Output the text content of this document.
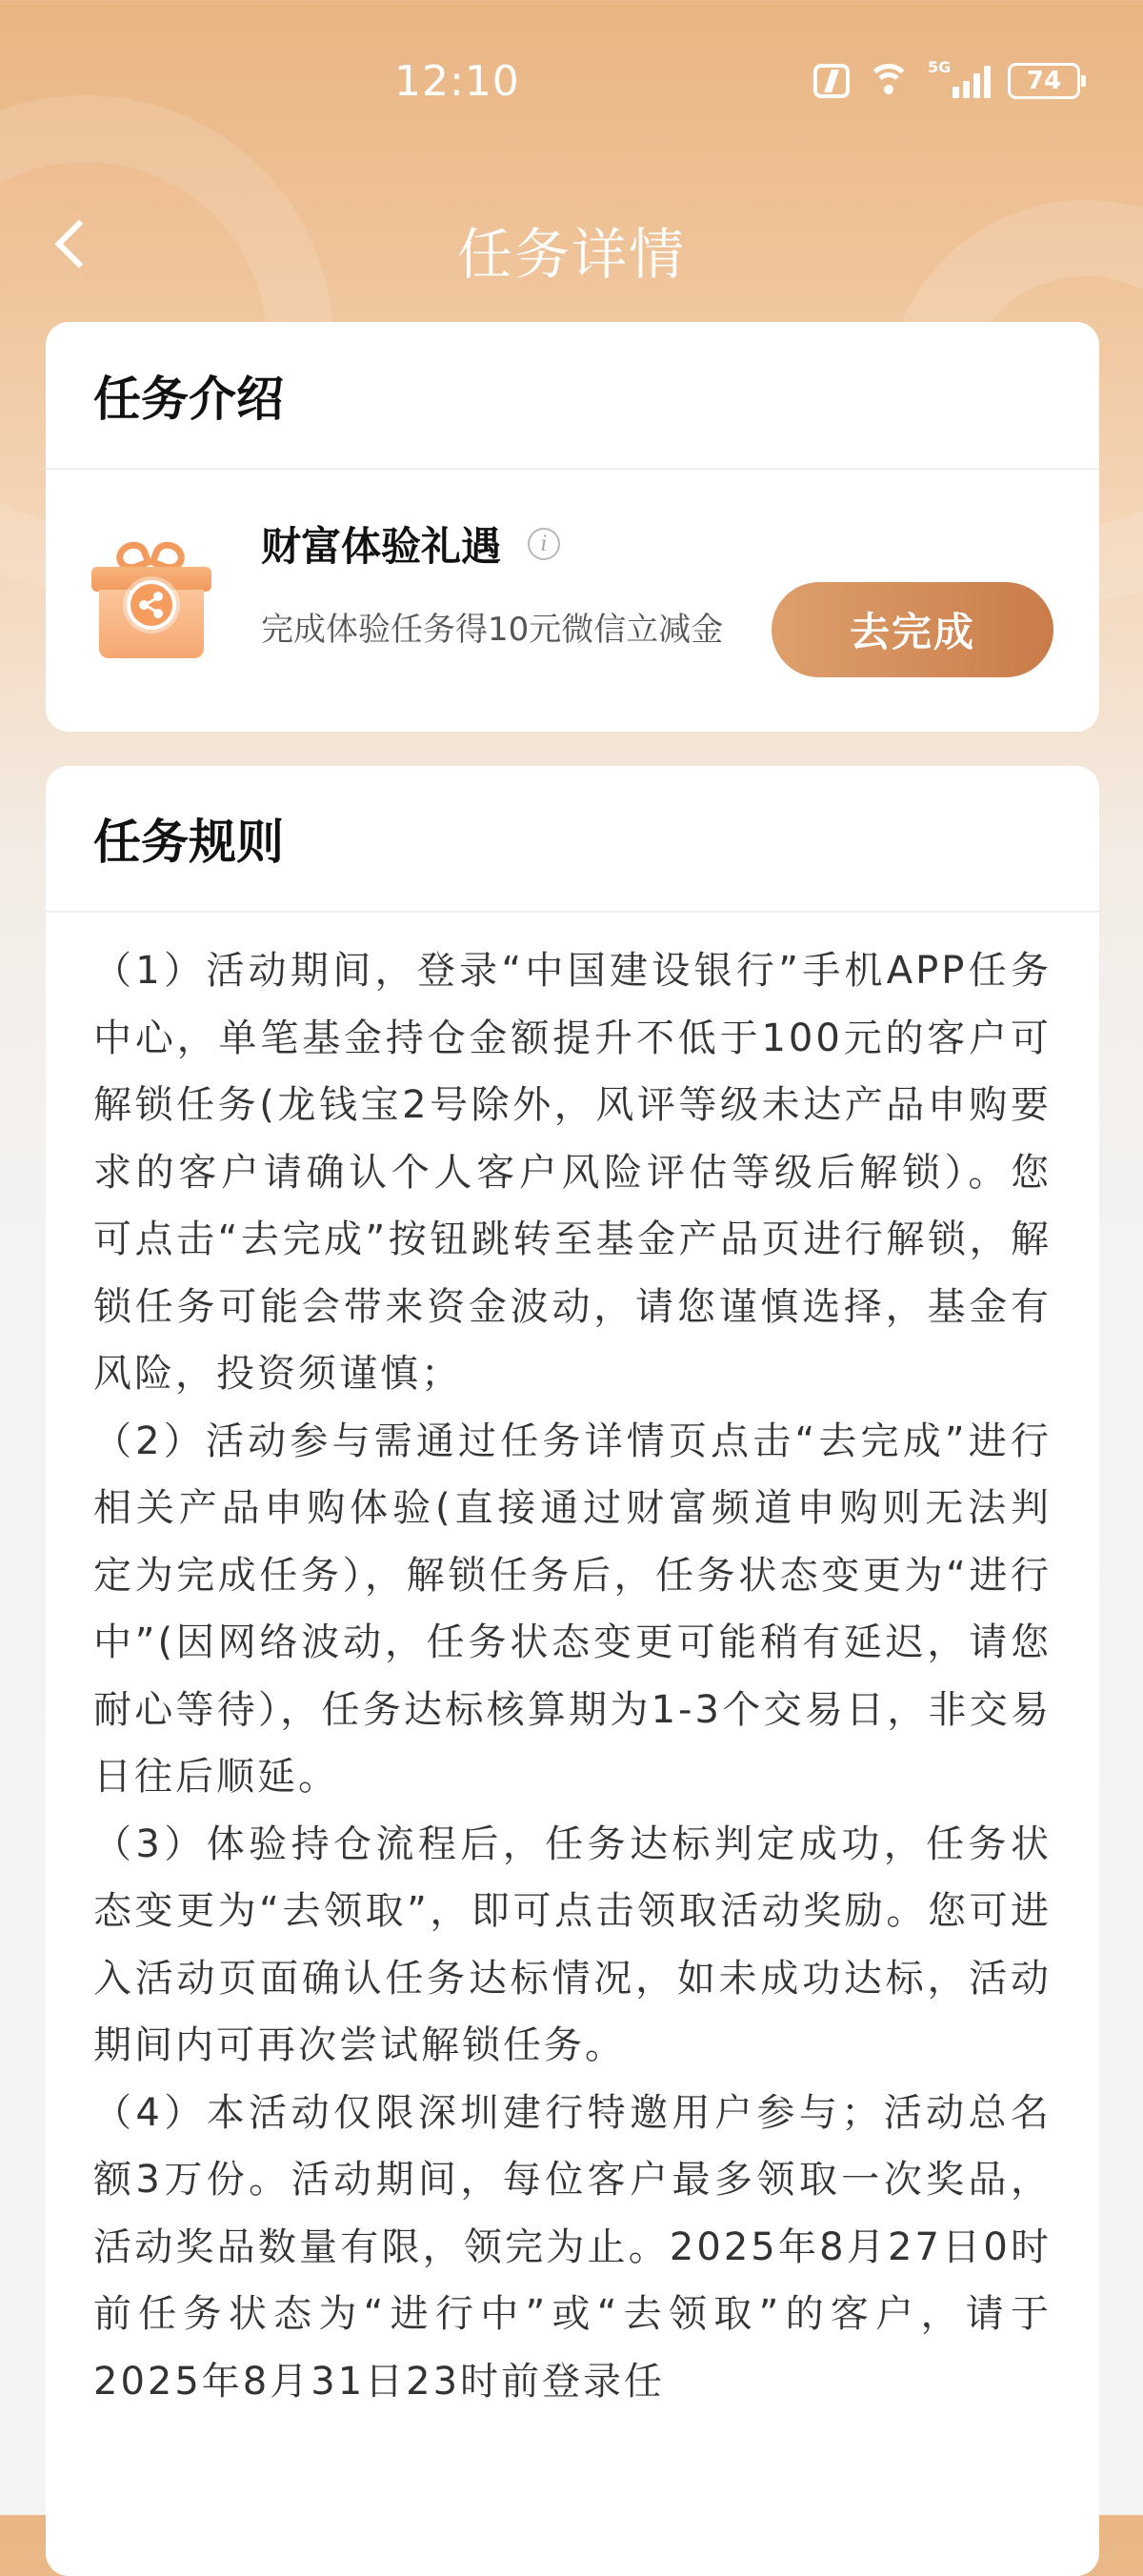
12:10	5G	74
任务详情
任务介绍
财富体验礼遇	i
完成体验任务得10元微信立减金	去完成
任务规则

（1）活动期间，登录“中国建设银行”手机APP任务中心，单笔基金持仓金额提升不低于100元的客户可解锁任务(龙钱宝2号除外，风评等级未达产品申购要求的客户请确认个人客户风险评估等级后解锁）。您可点击“去完成”按钮跳转至基金产品页进行解锁，解锁任务可能会带来资金波动，请您谨慎选择，基金有风险，投资须谨慎；

（2）活动参与需通过任务详情页点击“去完成”进行相关产品申购体验(直接通过财富频道申购则无法判定为完成任务），解锁任务后，任务状态变更为“进行中”(因网络波动，任务状态变更可能稍有延迟，请您耐心等待），任务达标核算期为1-3个交易日，非交易日往后顺延。

（3）体验持仓流程后，任务达标判定成功，任务状态变更为“去领取”，即可点击领取活动奖励。您可进入活动页面确认任务达标情况，如未成功达标，活动期间内可再次尝试解锁任务。

（4）本活动仅限深圳建行特邀用户参与；活动总名额3万份。活动期间，每位客户最多领取一次奖品，活动奖品数量有限，领完为止。2025年8月27日0时前任务状态为“进行中”或“去领取”的客户，请于2025年8月31日23时前登录任
